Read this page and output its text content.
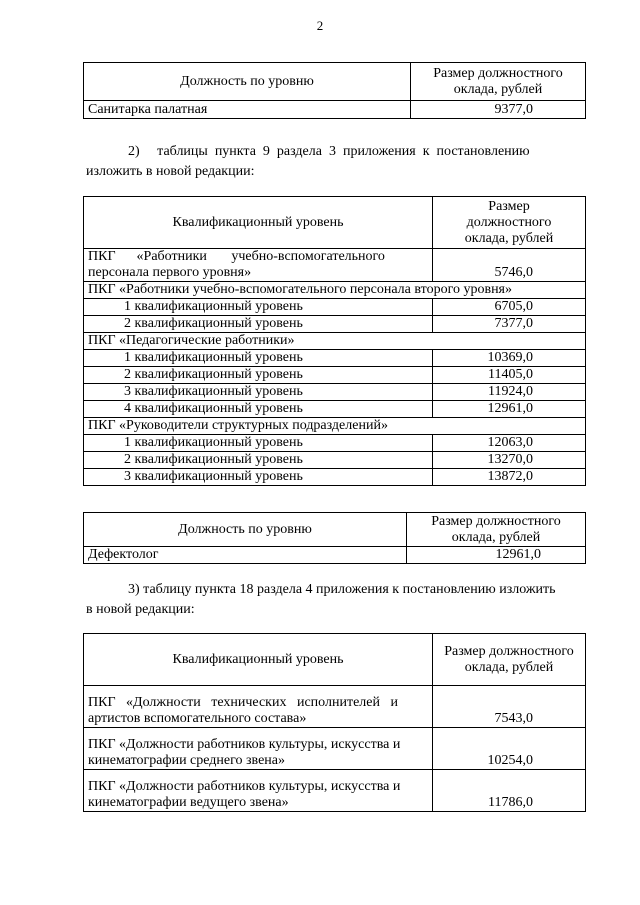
2
Должность по уровню	Размер должностного оклада, рублей
Санитарка палатная	9377,0
2)     таблицы  пункта  9  раздела  3  приложения  к  постановлению
изложить в новой редакции:
Квалификационный уровень	Размер
должностного
оклада, рублей

ПКГ      «Работники       учебно-вспомогательного
персонала первого уровня»	5746,0
ПКГ «Работники учебно-вспомогательного персонала второго уровня»	
1 квалификационный уровень	6705,0
2 квалификационный уровень	7377,0
ПКГ «Педагогические работники»	
1 квалификационный уровень	10369,0
2 квалификационный уровень	11405,0
3 квалификационный уровень	11924,0
4 квалификационный уровень	12961,0
ПКГ «Руководители структурных подразделений»	
1 квалификационный уровень	12063,0
2 квалификационный уровень	13270,0
3 квалификационный уровень	13872,0
Должность по уровню	Размер должностного
оклада, рублей

Дефектолог	12961,0
3) таблицу пункта 18 раздела 4 приложения к постановлению изложить
в новой редакции:
Квалификационный уровень	Размер должностного
оклада, рублей

ПКГ   «Должности   технических   исполнителей   и
артистов вспомогательного состава»	7543,0

ПКГ «Должности работников культуры, искусства и
кинематографии среднего звена»	10254,0

ПКГ «Должности работников культуры, искусства и
кинематографии ведущего звена»	11786,0
